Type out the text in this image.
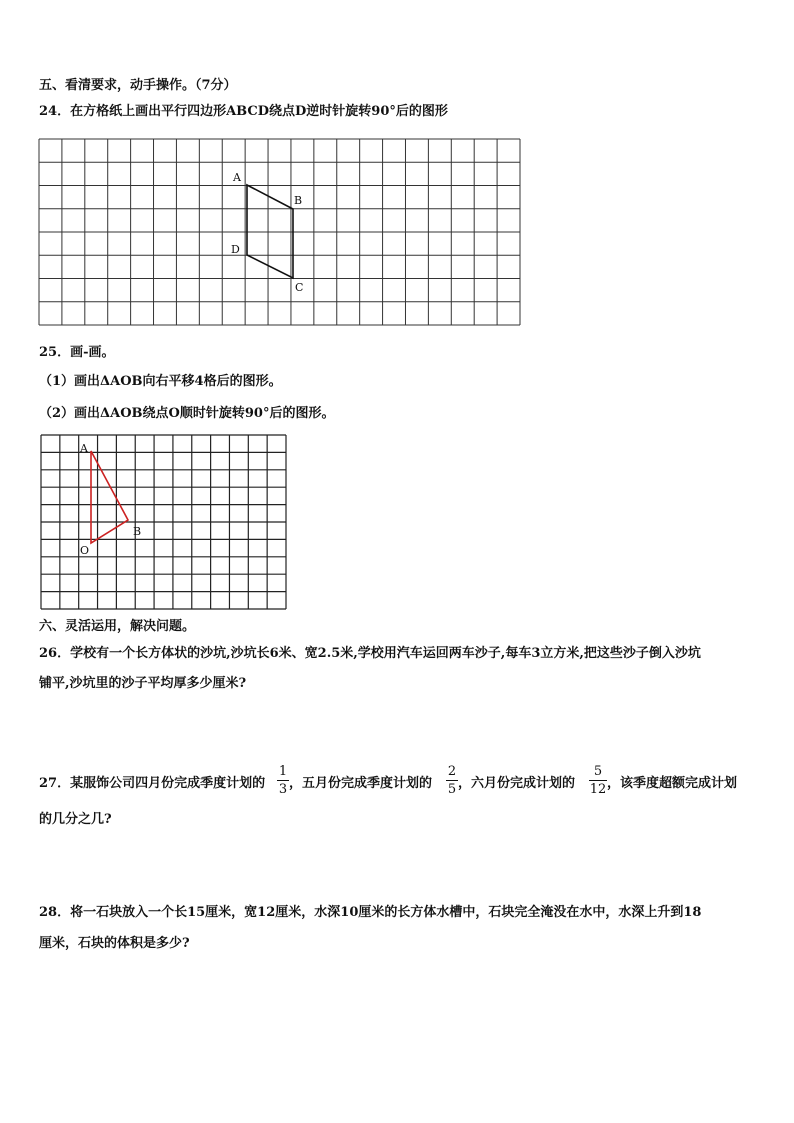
五、看清要求，动手操作。（7分）
24．在方格纸上画出平行四边形ABCD绕点D逆时针旋转90°后的图形
A
B
C
D
25．画-画。
（1）画出ΔAOB向右平移4格后的图形。
（2）画出ΔAOB绕点O顺时针旋转90°后的图形。
A
B
O
六、灵活运用，解决问题。
26．学校有一个长方体状的沙坑,沙坑长6米、宽2.5米,学校用汽车运回两车沙子,每车3立方米,把这些沙子倒入沙坑
铺平,沙坑里的沙子平均厚多少厘米?
27．某服饰公司四月份完成季度计划的
1
3 ，五月份完成季度计划的
2
5 ，六月份完成计划的
5
12 ，该季度超额完成计划
的几分之几?
28．将一石块放入一个长15厘米，宽12厘米，水深10厘米的长方体水槽中，石块完全淹没在水中，水深上升到18
厘米，石块的体积是多少?
